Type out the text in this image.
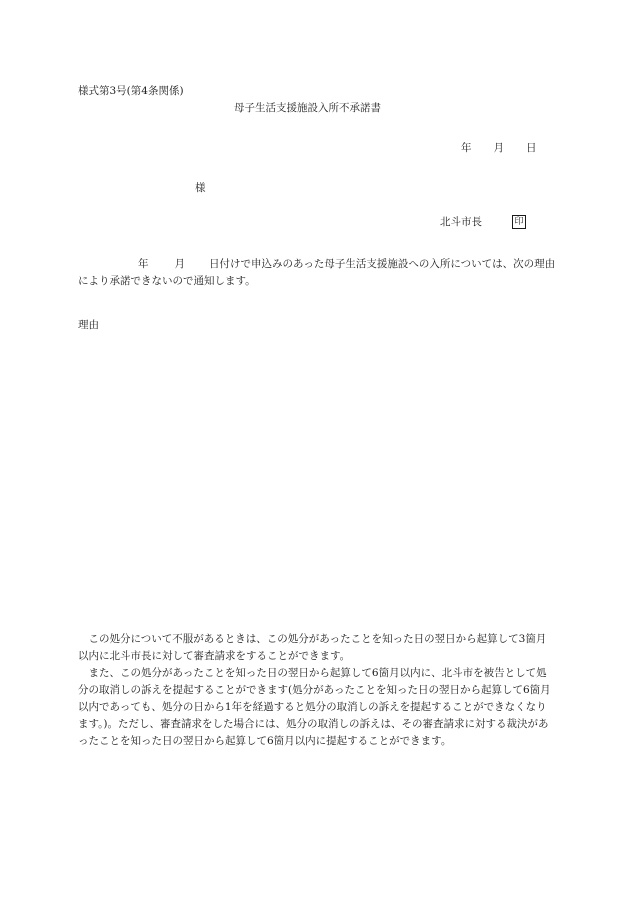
様式第3号(第4条関係)
母子生活支援施設入所不承諾書
年 月 日
様
北斗市長	印
年 月 日付けで申込みのあった母子生活支援施設への入所については、次の理由により承諾できないので通知します。
理由

この処分について不服があるときは、この処分があったことを知った日の翌日から起算して3箇月以内に北斗市長に対して審査請求をすることができます。

また、この処分があったことを知った日の翌日から起算して6箇月以内に、北斗市を被告として処分の取消しの訴えを提起することができます(処分があったことを知った日の翌日から起算して6箇月以内であっても、処分の日から1年を経過すると処分の取消しの訴えを提起することができなくなります。)。ただし、審査請求をした場合には、処分の取消しの訴えは、その審査請求に対する裁決があったことを知った日の翌日から起算して6箇月以内に提起することができます。
